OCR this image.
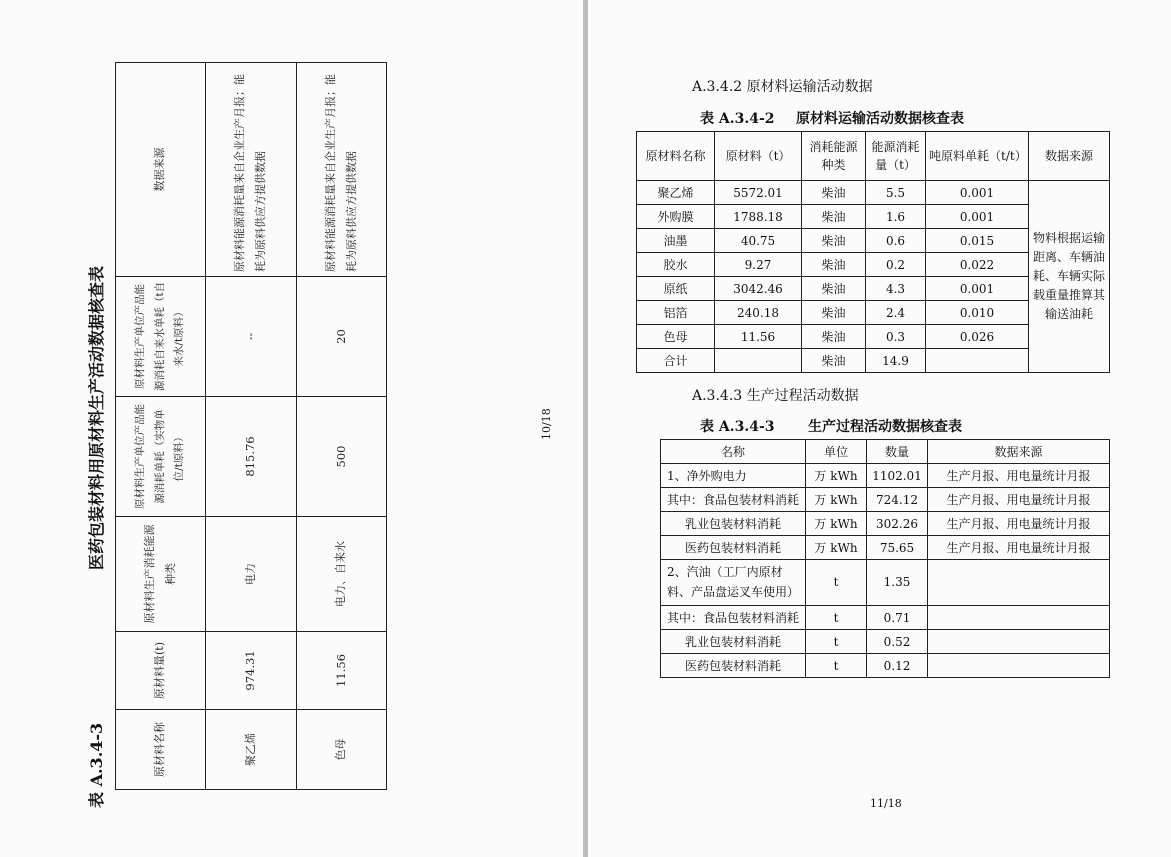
医药包装材料用原材料生产活动数据核查表
表 A.3.4-3
10/18
原材料名称	原材料量(t)	原材料生产消耗能源种类	原材料生产单位产品能源消耗单耗（实物单位/t原料）	原材料生产单位产品能源消耗自来水单耗（t自来水/t原料）	数据来源
聚乙烯	974.31	电力	815.76	--	原材料能源消耗量来自企业生产月报；能耗为原料供应方提供数据
色母	11.56	电力、自来水	500	20	原材料能源消耗量来自企业生产月报；能耗为原料供应方提供数据
A.3.4.2 原材料运输活动数据
表 A.3.4-2 原材料运输活动数据核查表
原材料名称	原材料（t）	消耗能源种类	能源消耗量（t）	吨原料单耗（t/t）	数据来源
聚乙烯	5572.01	柴油	5.5	0.001	物料根据运输距离、车辆油耗、车辆实际载重量推算其输送油耗
外购膜	1788.18	柴油	1.6	0.001	
油墨	40.75	柴油	0.6	0.015	
胶水	9.27	柴油	0.2	0.022	
原纸	3042.46	柴油	4.3	0.001	
铝箔	240.18	柴油	2.4	0.010	
色母	11.56	柴油	0.3	0.026	
合计		柴油	14.9		
A.3.4.3 生产过程活动数据
表 A.3.4-3 生产过程活动数据核查表
名称	单位	数量	数据来源
1、净外购电力	万 kWh	1102.01	生产月报、用电量统计月报
其中：食品包装材料消耗	万 kWh	724.12	生产月报、用电量统计月报
乳业包装材料消耗	万 kWh	302.26	生产月报、用电量统计月报
医药包装材料消耗	万 kWh	75.65	生产月报、用电量统计月报
2、汽油（工厂内原材料、产品盘运叉车使用）	t	1.35	
其中：食品包装材料消耗	t	0.71	
乳业包装材料消耗	t	0.52	
医药包装材料消耗	t	0.12	
11/18
